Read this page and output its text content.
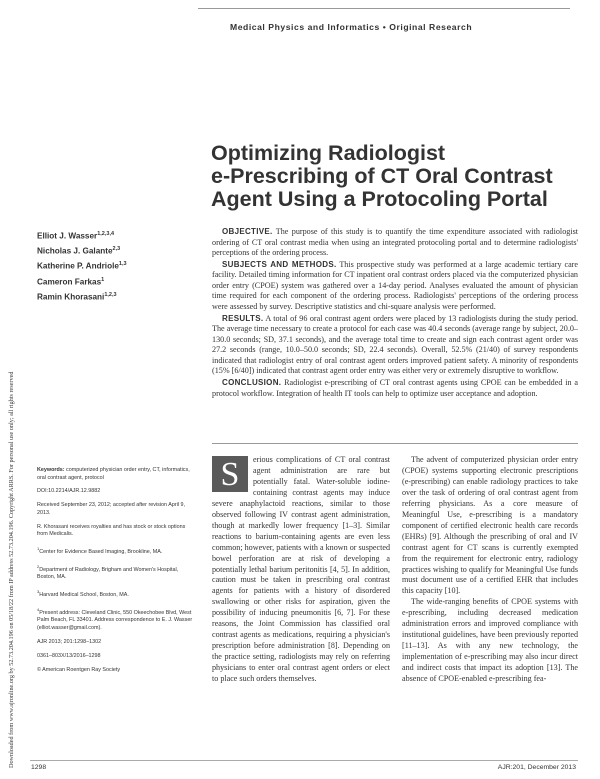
Medical Physics and Informatics • Original Research
Downloaded from www.ajronline.org by 52.73.204.196 on 05/18/22 from IP address 52.73.204.196. Copyright ARRS. For personal use only; all rights reserved
Optimizing Radiologist
e-Prescribing of CT Oral Contrast
Agent Using a Protocoling Portal
Elliot J. Wasser$^{1,2,3,4}$
Nicholas J. Galante$^{2,3}$
Katherine P. Andriole$^{1,3}$
Cameron Farkas$^1$
Ramin Khorasani$^{1,2,3}$

OBJECTIVE. The purpose of this study is to quantify the time expenditure associated with radiologist ordering of CT oral contrast media when using an integrated protocoling portal and to determine radiologists' perceptions of the ordering process.

SUBJECTS AND METHODS. This prospective study was performed at a large academic tertiary care facility. Detailed timing information for CT inpatient oral contrast orders placed via the computerized physician order entry (CPOE) system was gathered over a 14-day period. Analyses evaluated the amount of physician time required for each component of the ordering process. Radiologists' perceptions of the ordering process were assessed by survey. Descriptive statistics and chi-square analysis were performed.

RESULTS. A total of 96 oral contrast agent orders were placed by 13 radiologists during the study period. The average time necessary to create a protocol for each case was 40.4 seconds (average range by subject, 20.0–130.0 seconds; SD, 37.1 seconds), and the average total time to create and sign each contrast agent order was 27.2 seconds (range, 10.0–50.0 seconds; SD, 22.4 seconds). Overall, 52.5% (21/40) of survey respondents indicated that radiologist entry of oral contrast agent orders improved patient safety. A minority of respondents (15% [6/40]) indicated that contrast agent order entry was either very or extremely disruptive to workflow.

CONCLUSION. Radiologist e-prescribing of CT oral contrast agents using CPOE can be embedded in a protocol workflow. Integration of health IT tools can help to optimize user acceptance and adoption.

Keywords: computerized physician order entry, CT, informatics, oral contrast agent, protocol

DOI:10.2214/AJR.12.9882

Received September 23, 2012; accepted after revision April 9, 2013.

R. Khorasani receives royalties and has stock or stock options from Medicalis.

$^1$Center for Evidence Based Imaging, Brookline, MA.

$^2$Department of Radiology, Brigham and Women's Hospital, Boston, MA.

$^3$Harvard Medical School, Boston, MA.

$^4$Present address: Cleveland Clinic, 550 Okeechobee Blvd, West Palm Beach, FL 33401. Address correspondence to E. J. Wasser (elliot.wasser@gmail.com).

AJR 2013; 201:1298–1302

0361–803X/13/2016–1298

© American Roentgen Ray Society

S	erious complications of CT oral contrast agent administration are rare but potentially fatal. Water-soluble iodine-containing contrast agents may induce severe anaphylactoid reactions, similar to those observed following IV contrast agent administration, though at markedly lower frequency [1–3]. Similar reactions to barium-containing agents are even less common; however, patients with a known or suspected bowel perforation are at risk of developing a potentially lethal barium peritonitis [4, 5]. In addition, caution must be taken in prescribing oral contrast agents for patients with a history of disordered swallowing or other risks for aspiration, given the possibility of inducing pneumonitis [6, 7]. For these reasons, the Joint Commission has classified oral contrast agents as medications, requiring a physician's prescription before administration [8]. Depending on the practice setting, radiologists may rely on referring physicians to enter oral contrast agent orders or elect to place such orders themselves.

The advent of computerized physician order entry (CPOE) systems supporting electronic prescriptions (e-prescribing) can enable radiology practices to take over the task of ordering of oral contrast agent from referring physicians. As a core measure of Meaningful Use, e-prescribing is a mandatory component of certified electronic health care records (EHRs) [9]. Although the prescribing of oral and IV contrast agent for CT scans is currently exempted from the requirement for electronic entry, radiology practices wishing to qualify for Meaningful Use funds must document use of a certified EHR that includes this capacity [10].

The wide-ranging benefits of CPOE systems with e-prescribing, including decreased medication administration errors and improved compliance with institutional guidelines, have been previously reported [11–13]. As with any new technology, the implementation of e-prescribing may also incur direct and indirect costs that impact its adoption [13]. The absence of CPOE-enabled e-prescribing fea-

1298	AJR:201, December 2013
